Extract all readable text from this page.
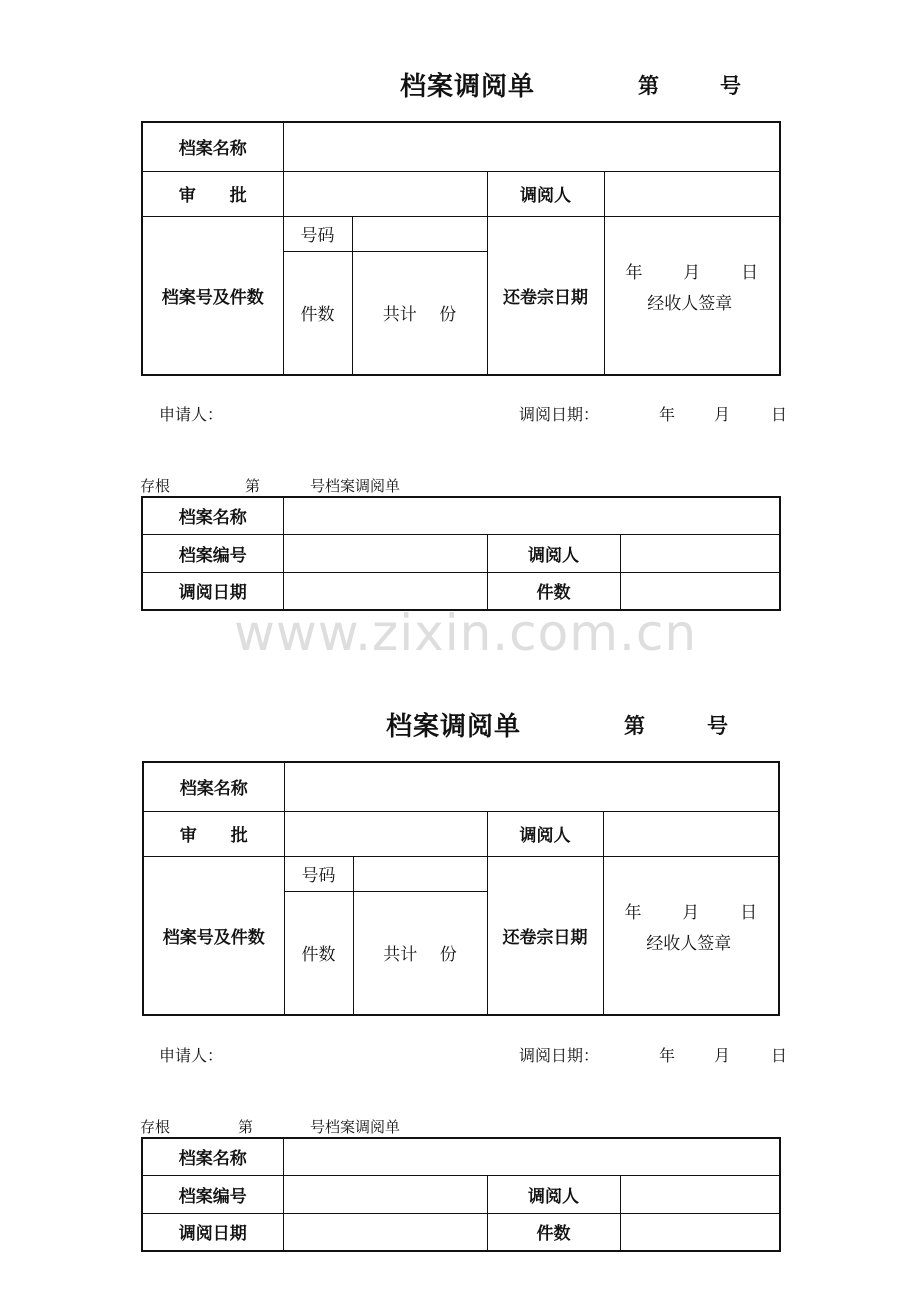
档案调阅单	第	号
档案名称				
审　　批			调阅人	
档案号及件数	号码		还卷宗日期	年 月 日
经收人签章

	件数	共计　 份		
申请人：	调阅日期：	年 月	日
存根	第	号档案调阅单
档案名称			
档案编号		调阅人	
调阅日期		件数	
www.zixin.com.cn
档案调阅单	第	号
档案名称				
审　　批			调阅人	
档案号及件数	号码		还卷宗日期	年 月 日
经收人签章

	件数	共计　 份		
申请人：	调阅日期：	年 月	日
存根	第	号档案调阅单
档案名称			
档案编号		调阅人	
调阅日期		件数	
